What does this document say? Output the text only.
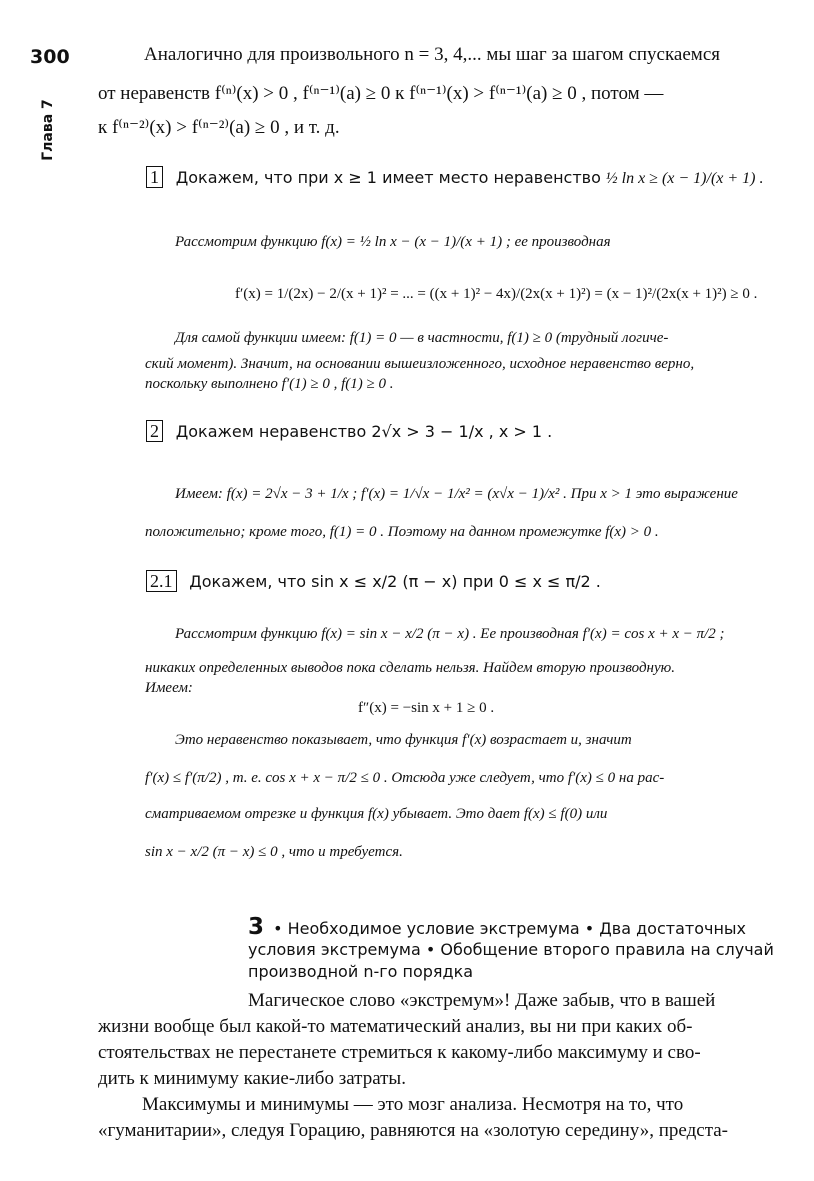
300
Глава 7
Аналогично для произвольного n = 3, 4,... мы шаг за шагом спускаемся
от неравенств f⁽ⁿ⁾(x) > 0 , f⁽ⁿ⁻¹⁾(a) ≥ 0 к f⁽ⁿ⁻¹⁾(x) > f⁽ⁿ⁻¹⁾(a) ≥ 0 , потом —
к f⁽ⁿ⁻²⁾(x) > f⁽ⁿ⁻²⁾(a) ≥ 0 , и т. д.
1 Докажем, что при x ≥ 1 имеет место неравенство ½ ln x ≥ (x − 1)/(x + 1) .
Рассмотрим функцию f(x) = ½ ln x − (x − 1)/(x + 1) ; ее производная
f′(x) = 1/(2x) − 2/(x + 1)² = ... = ((x + 1)² − 4x)/(2x(x + 1)²) = (x − 1)²/(2x(x + 1)²) ≥ 0 .
Для самой функции имеем: f(1) = 0 — в частности, f(1) ≥ 0 (трудный логиче-
ский момент). Значит, на основании вышеизложенного, исходное неравенство верно,
поскольку выполнено f′(1) ≥ 0 , f(1) ≥ 0 .
2 Докажем неравенство 2√x > 3 − 1/x , x > 1 .
Имеем: f(x) = 2√x − 3 + 1/x ; f′(x) = 1/√x − 1/x² = (x√x − 1)/x² . При x > 1 это выражение
положительно; кроме того, f(1) = 0 . Поэтому на данном промежутке f(x) > 0 .
2.1 Докажем, что sin x ≤ x/2 (π − x) при 0 ≤ x ≤ π/2 .
Рассмотрим функцию f(x) = sin x − x/2 (π − x) . Ее производная f′(x) = cos x + x − π/2 ;
никаких определенных выводов пока сделать нельзя. Найдем вторую производную.
Имеем:
f″(x) = −sin x + 1 ≥ 0 .
Это неравенство показывает, что функция f′(x) возрастает и, значит
f′(x) ≤ f′(π/2) , т. е. cos x + x − π/2 ≤ 0 . Отсюда уже следует, что f′(x) ≤ 0 на рас-
сматриваемом отрезке и функция f(x) убывает. Это дает f(x) ≤ f(0) или
sin x − x/2 (π − x) ≤ 0 , что и требуется.
3 • Необходимое условие экстремума • Два достаточных
условия экстремума • Обобщение второго правила на случай
производной n-го порядка
Магическое слово «экстремум»! Даже забыв, что в вашей
жизни вообще был какой-то математический анализ, вы ни при каких об-
стоятельствах не перестанете стремиться к какому-либо максимуму и сво-
дить к минимуму какие-либо затраты.
Максимумы и минимумы — это мозг анализа. Несмотря на то, что
«гуманитарии», следуя Горацию, равняются на «золотую середину», предста-
